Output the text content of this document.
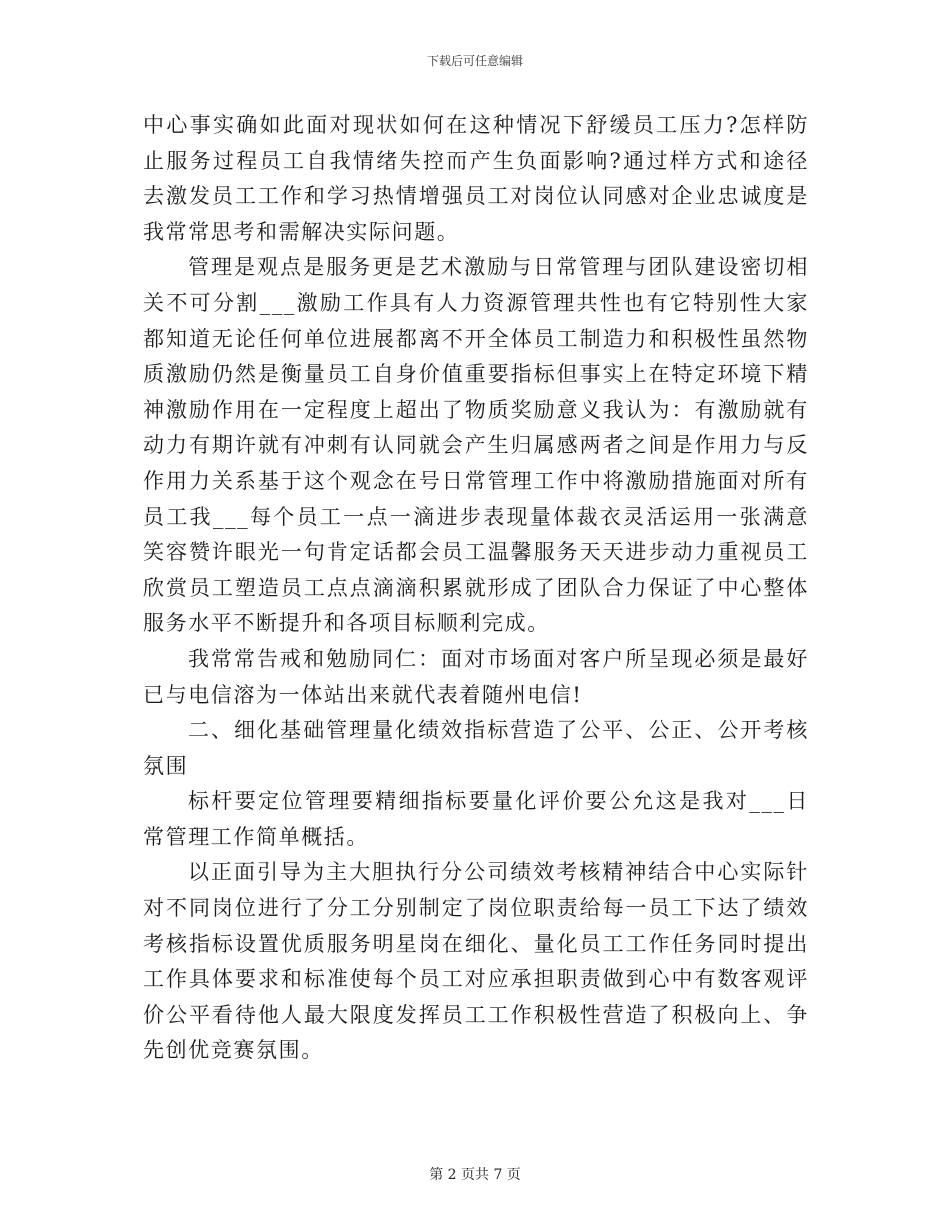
下载后可任意编辑

中心事实确如此面对现状如何在这种情况下舒缓员工压力?怎样防止服务过程员工自我情绪失控而产生负面影响?通过样方式和途径去激发员工工作和学习热情增强员工对岗位认同感对企业忠诚度是我常常思考和需解决实际问题。

管理是观点是服务更是艺术激励与日常管理与团队建设密切相关不可分割___激励工作具有人力资源管理共性也有它特别性大家都知道无论任何单位进展都离不开全体员工制造力和积极性虽然物质激励仍然是衡量员工自身价值重要指标但事实上在特定环境下精神激励作用在一定程度上超出了物质奖励意义我认为：有激励就有动力有期许就有冲刺有认同就会产生归属感两者之间是作用力与反作用力关系基于这个观念在号日常管理工作中将激励措施面对所有员工我___每个员工一点一滴进步表现量体裁衣灵活运用一张满意笑容赞许眼光一句肯定话都会员工温馨服务天天进步动力重视员工欣赏员工塑造员工点点滴滴积累就形成了团队合力保证了中心整体服务水平不断提升和各项目标顺利完成。

我常常告戒和勉励同仁：面对市场面对客户所呈现必须是最好已与电信溶为一体站出来就代表着随州电信!

二、细化基础管理量化绩效指标营造了公平、公正、公开考核氛围

标杆要定位管理要精细指标要量化评价要公允这是我对___日常管理工作简单概括。

以正面引导为主大胆执行分公司绩效考核精神结合中心实际针对不同岗位进行了分工分别制定了岗位职责给每一员工下达了绩效考核指标设置优质服务明星岗在细化、量化员工工作任务同时提出工作具体要求和标准使每个员工对应承担职责做到心中有数客观评价公平看待他人最大限度发挥员工工作积极性营造了积极向上、争先创优竞赛氛围。

第 2 页共 7 页
